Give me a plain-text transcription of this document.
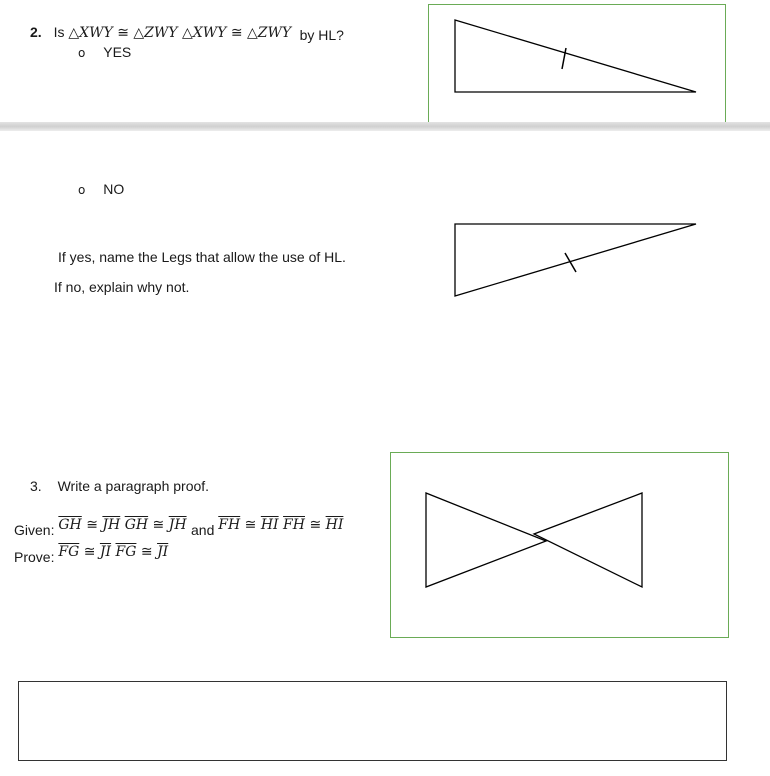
2. Is △XWY ≅ △ZWY △XWY ≅ △ZWY by HL?
o YES
o NO
If yes, name the Legs that allow the use of HL.
If no, explain why not.
3. Write a paragraph proof.
Given: $\overline{GH}$ ≅ $\overline{JH}$ $\overline{GH}$ ≅ $\overline{JH}$ and $\overline{FH}$ ≅ $\overline{HI}$ $\overline{FH}$ ≅ $\overline{HI}$
Prove: $\overline{FG}$ ≅ $\overline{JI}$ $\overline{FG}$ ≅ $\overline{JI}$
